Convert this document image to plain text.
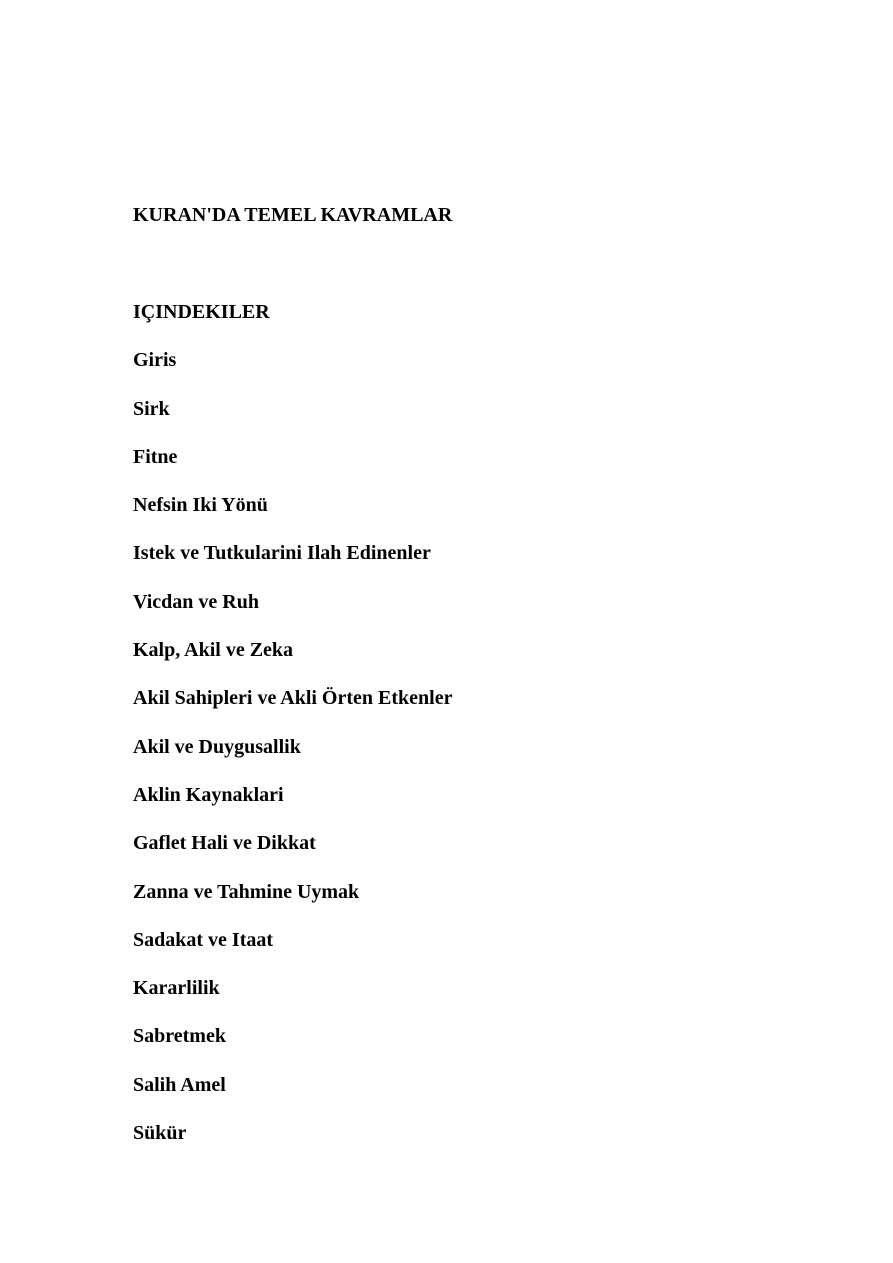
KURAN'DA TEMEL KAVRAMLAR
IÇINDEKILER
Giris
Sirk
Fitne
Nefsin Iki Yönü
Istek ve Tutkularini Ilah Edinenler
Vicdan ve Ruh
Kalp, Akil ve Zeka
Akil Sahipleri ve Akli Örten Etkenler
Akil ve Duygusallik
Aklin Kaynaklari
Gaflet Hali ve Dikkat
Zanna ve Tahmine Uymak
Sadakat ve Itaat
Kararlilik
Sabretmek
Salih Amel
Sükür
